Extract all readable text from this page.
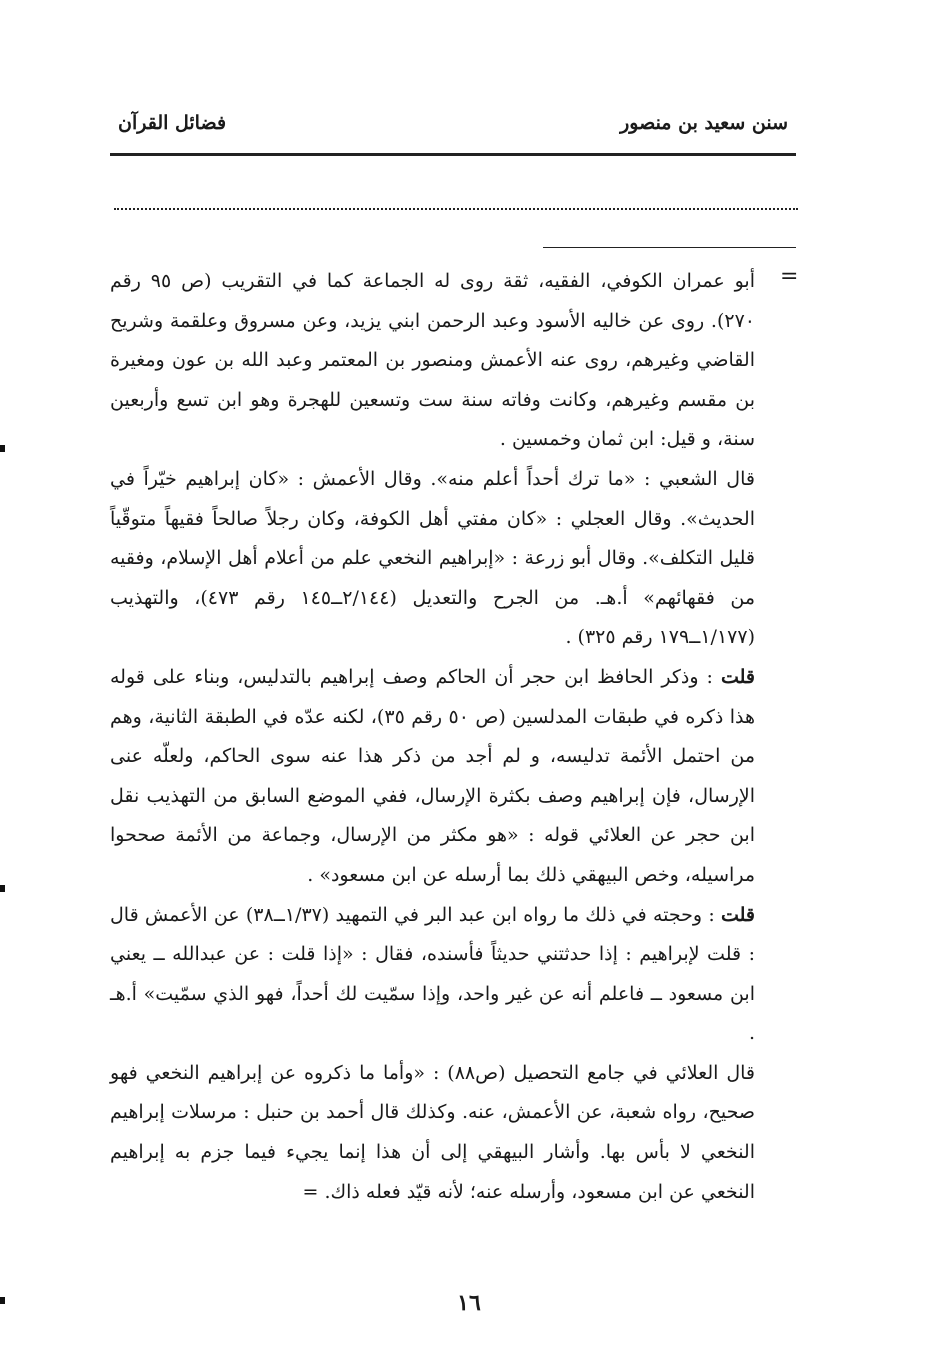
سنن سعيد بن منصور
فضائل القرآن
=

أبو عمران الكوفي، الفقيه، ثقة روى له الجماعة كما في التقريب (ص ٩٥ رقم ٢٧٠). روى عن خاليه الأسود وعبد الرحمن ابني يزيد، وعن مسروق وعلقمة وشريح القاضي وغيرهم، روى عنه الأعمش ومنصور بن المعتمر وعبد الله بن عون ومغيرة بن مقسم وغيرهم، وكانت وفاته سنة ست وتسعين للهجرة وهو ابن تسع وأربعين سنة، و قيل: ابن ثمان وخمسين .

قال الشعبي : «ما ترك أحداً أعلم منه». وقال الأعمش : «كان إبراهيم خيّراً في الحديث». وقال العجلي : «كان مفتي أهل الكوفة، وكان رجلاً صالحاً فقيهاً متوقّياً قليل التكلف». وقال أبو زرعة : «إبراهيم النخعي علم من أعلام أهل الإسلام، وفقيه من فقهائهم» أ.هـ. من الجرح والتعديل (٢/١٤٤ــ١٤٥ رقم ٤٧٣)، والتهذيب (١/١٧٧ــ١٧٩ رقم ٣٢٥) .

قلت : وذكر الحافظ ابن حجر أن الحاكم وصف إبراهيم بالتدليس، وبناء على قوله هذا ذكره في طبقات المدلسين (ص ٥٠ رقم ٣٥)، لكنه عدّه في الطبقة الثانية، وهم من احتمل الأئمة تدليسه، و لم أجد من ذكر هذا عنه سوى الحاكم، ولعلّه عنى الإرسال، فإن إبراهيم وصف بكثرة الإرسال، ففي الموضع السابق من التهذيب نقل ابن حجر عن العلائي قوله : «هو مكثر من الإرسال، وجماعة من الأئمة صححوا مراسيله، وخص البيهقي ذلك بما أرسله عن ابن مسعود» .

قلت : وحجته في ذلك ما رواه ابن عبد البر في التمهيد (١/٣٧ــ٣٨) عن الأعمش قال : قلت لإبراهيم : إذا حدثتني حديثاً فأسنده، فقال : «إذا قلت : عن عبدالله ــ يعني ابن مسعود ــ فاعلم أنه عن غير واحد، وإذا سمّيت لك أحداً، فهو الذي سمّيت» أ.هـ .

قال العلائي في جامع التحصيل (ص٨٨) : «وأما ما ذكروه عن إبراهيم النخعي فهو صحيح، رواه شعبة، عن الأعمش، عنه. وكذلك قال أحمد بن حنبل : مرسلات إبراهيم النخعي لا بأس بها. وأشار البيهقي إلى أن هذا إنما يجيء فيما جزم به إبراهيم النخعي عن ابن مسعود، وأرسله عنه؛ لأنه قيّد فعله ذاك. =

١٦
